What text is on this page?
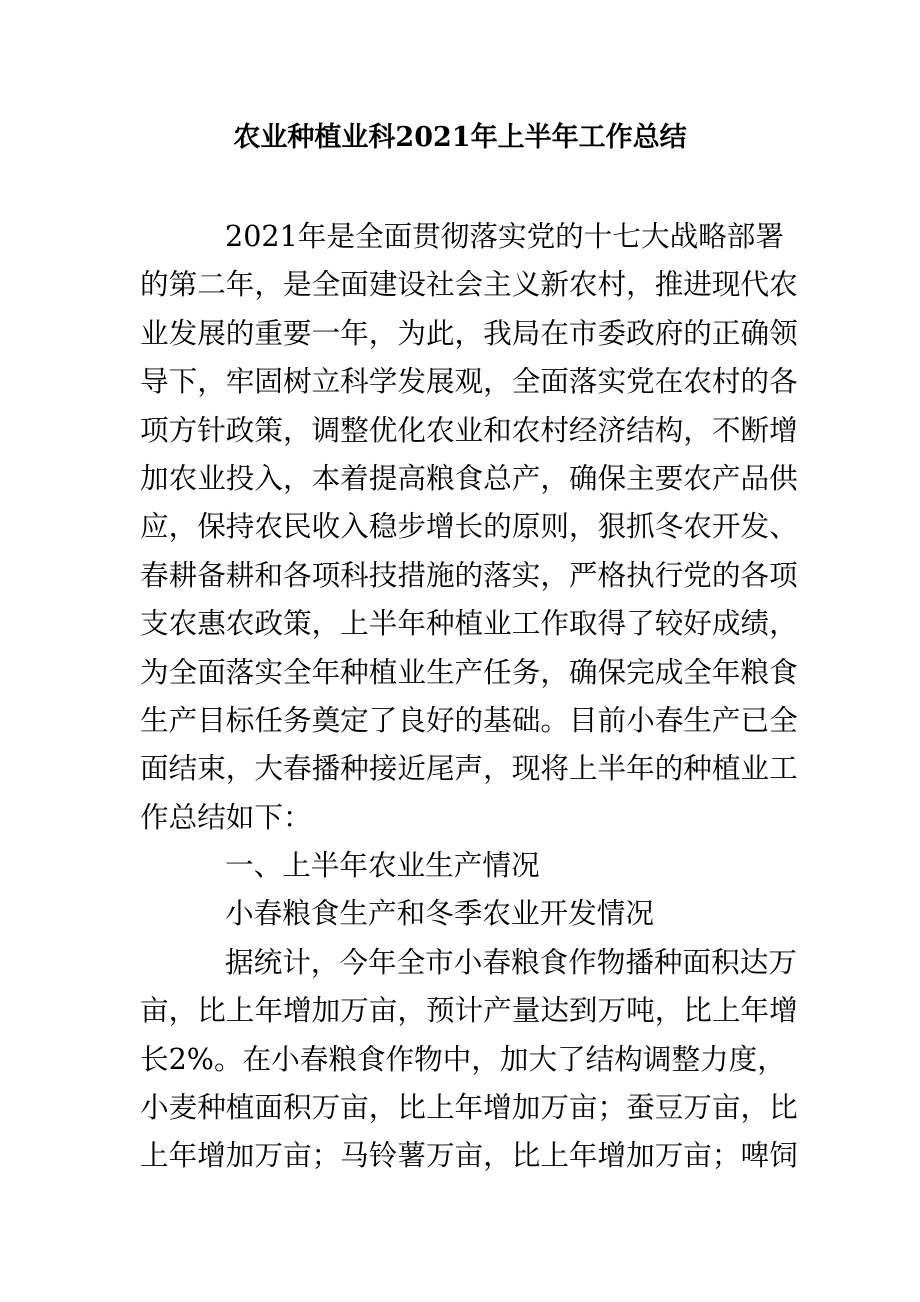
农业种植业科2021年上半年工作总结
2021年是全面贯彻落实党的十七大战略部署
的第二年，是全面建设社会主义新农村，推进现代农
业发展的重要一年，为此，我局在市委政府的正确领
导下，牢固树立科学发展观，全面落实党在农村的各
项方针政策，调整优化农业和农村经济结构，不断增
加农业投入，本着提高粮食总产，确保主要农产品供
应，保持农民收入稳步增长的原则，狠抓冬农开发、
春耕备耕和各项科技措施的落实，严格执行党的各项
支农惠农政策，上半年种植业工作取得了较好成绩，
为全面落实全年种植业生产任务，确保完成全年粮食
生产目标任务奠定了良好的基础。目前小春生产已全
面结束，大春播种接近尾声，现将上半年的种植业工
作总结如下：
一、上半年农业生产情况
小春粮食生产和冬季农业开发情况
据统计，今年全市小春粮食作物播种面积达万
亩，比上年增加万亩，预计产量达到万吨，比上年增
长2%。在小春粮食作物中，加大了结构调整力度，
小麦种植面积万亩，比上年增加万亩；蚕豆万亩，比
上年增加万亩；马铃薯万亩，比上年增加万亩；啤饲
